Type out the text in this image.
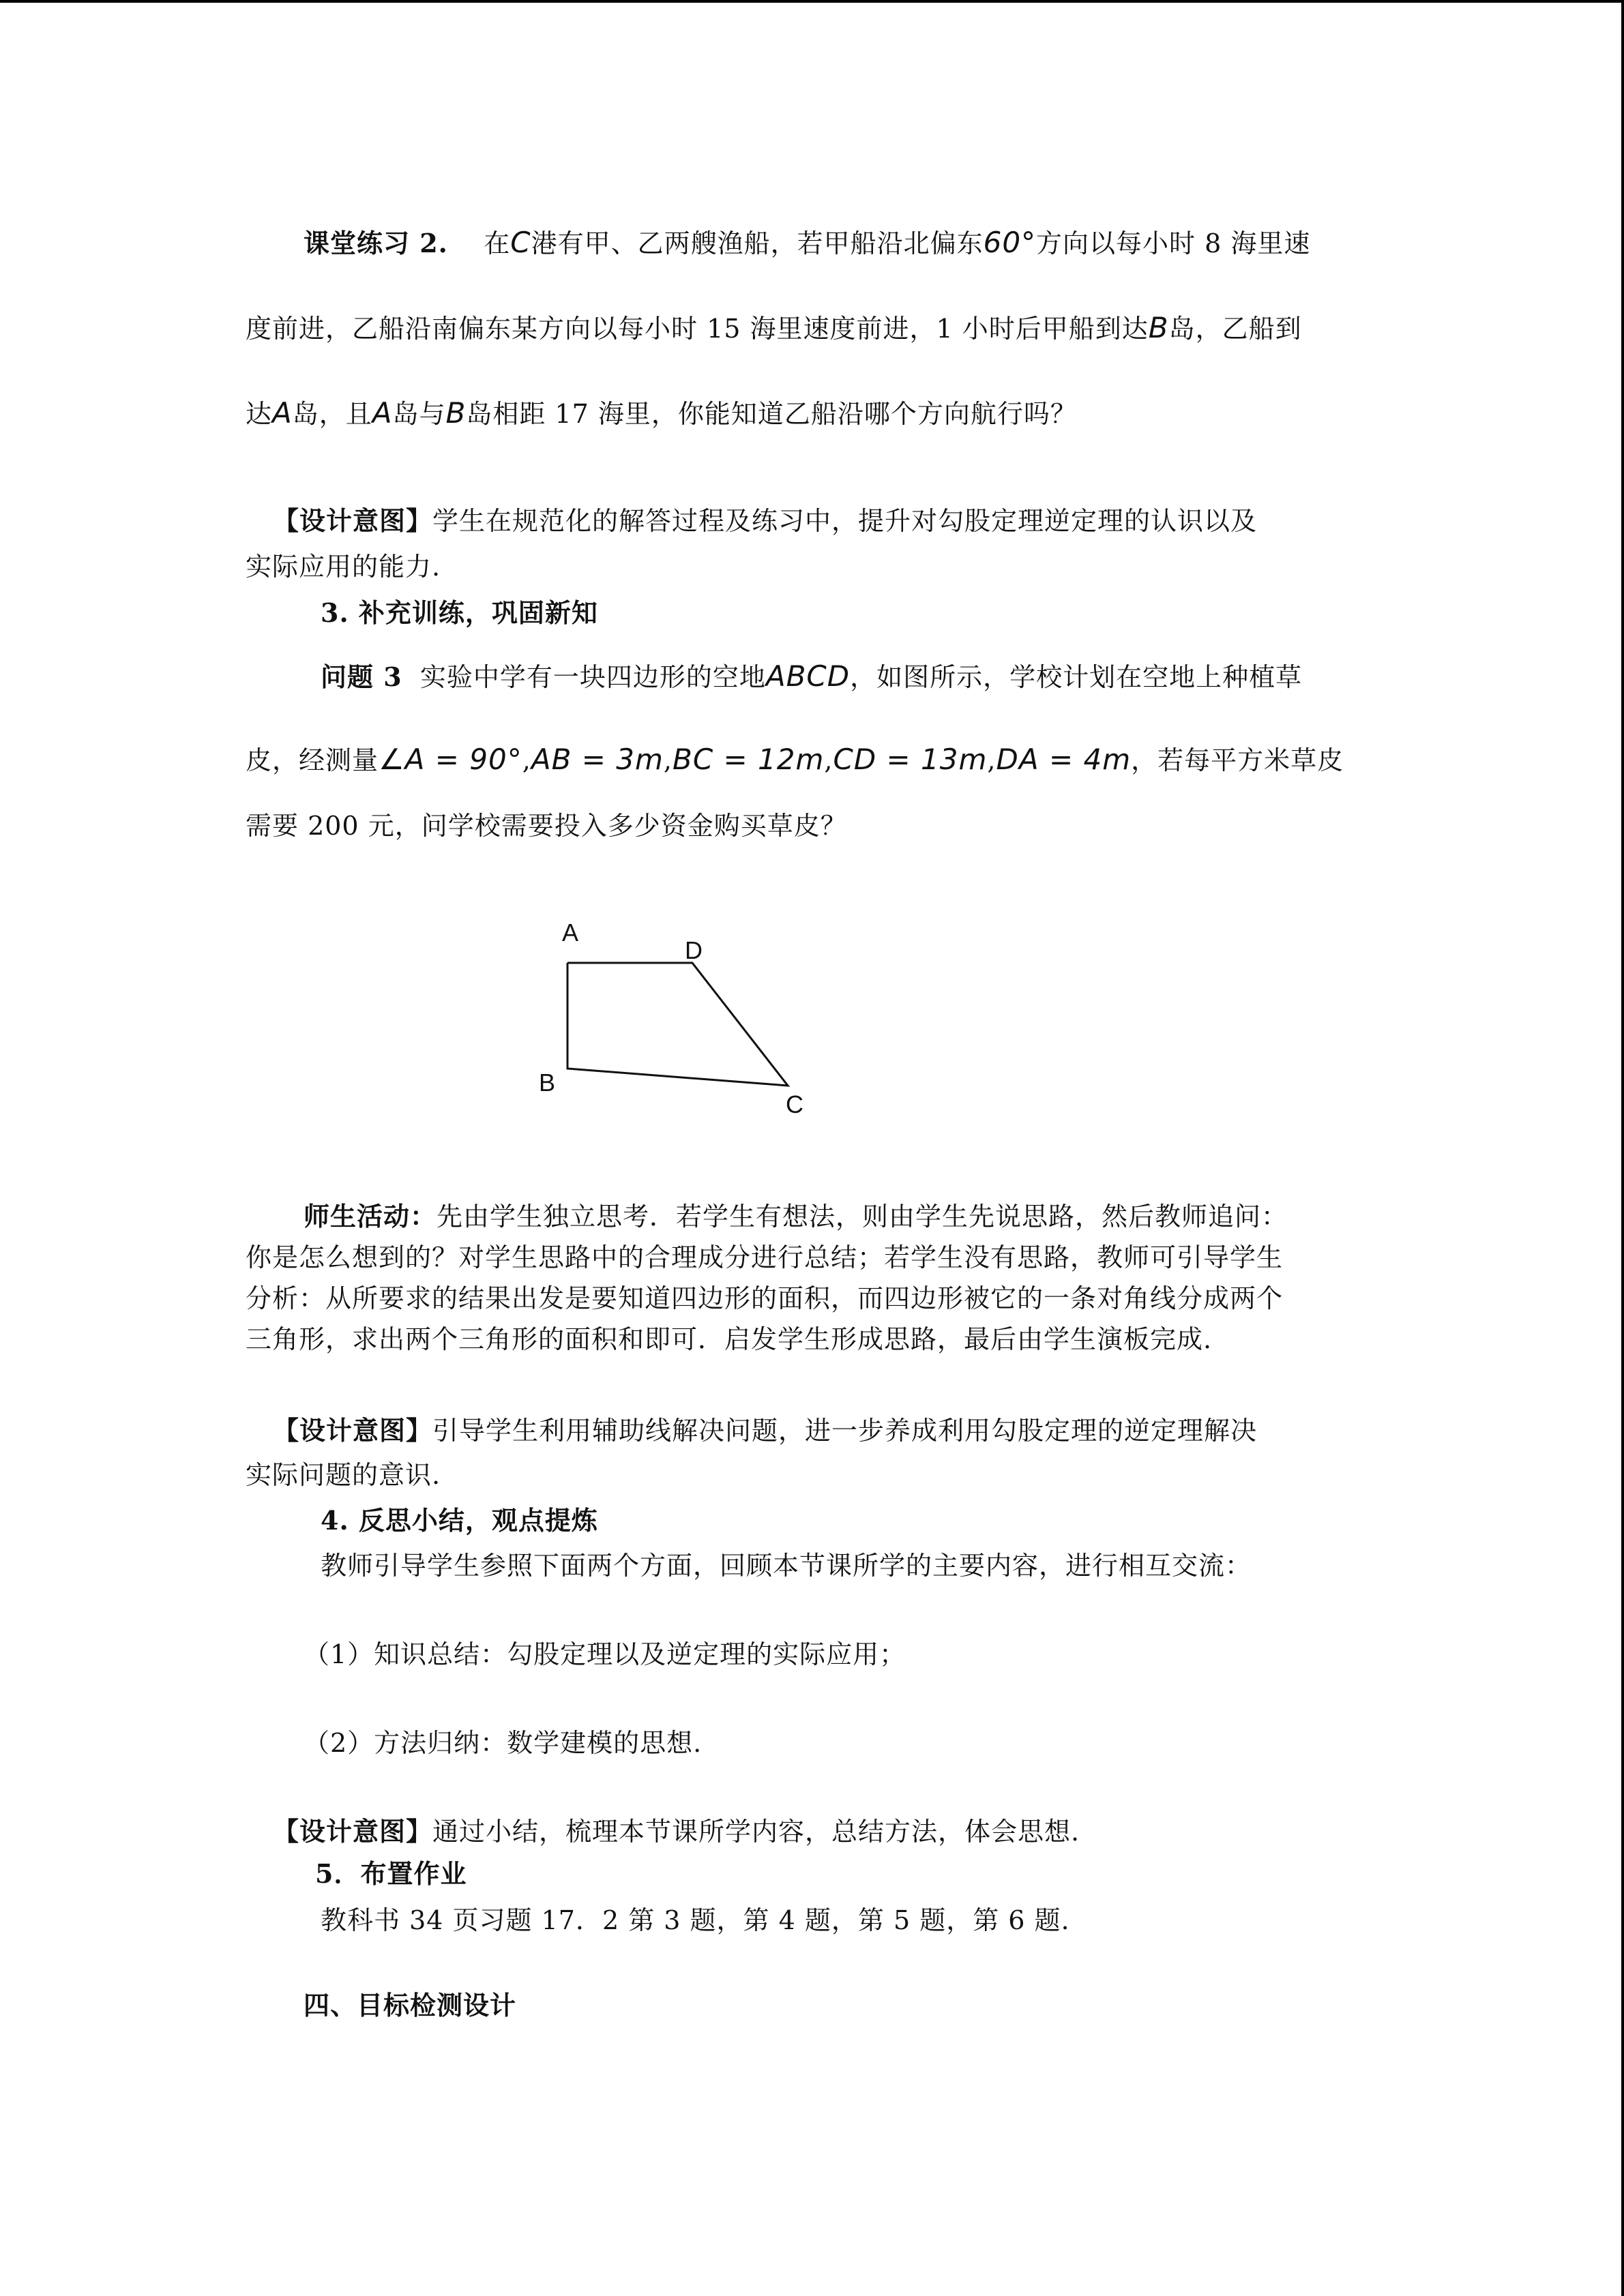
课堂练习 2. 在C港有甲、乙两艘渔船，若甲船沿北偏东60°方向以每小时 8 海里速
度前进，乙船沿南偏东某方向以每小时 15 海里速度前进，1 小时后甲船到达B岛，乙船到
达A岛，且A岛与B岛相距 17 海里，你能知道乙船沿哪个方向航行吗？
【设计意图】学生在规范化的解答过程及练习中，提升对勾股定理逆定理的认识以及
实际应用的能力.
3. 补充训练，巩固新知
问题 3 实验中学有一块四边形的空地ABCD，如图所示，学校计划在空地上种植草
皮，经测量∠A = 90°,AB = 3m,BC = 12m,CD = 13m,DA = 4m，若每平方米草皮
需要 200 元，问学校需要投入多少资金购买草皮？
A
D
B
C
师生活动：先由学生独立思考．若学生有想法，则由学生先说思路，然后教师追问：
你是怎么想到的？对学生思路中的合理成分进行总结；若学生没有思路，教师可引导学生
分析：从所要求的结果出发是要知道四边形的面积，而四边形被它的一条对角线分成两个
三角形，求出两个三角形的面积和即可．启发学生形成思路，最后由学生演板完成.
【设计意图】引导学生利用辅助线解决问题，进一步养成利用勾股定理的逆定理解决
实际问题的意识.
4. 反思小结，观点提炼
教师引导学生参照下面两个方面，回顾本节课所学的主要内容，进行相互交流：
（1）知识总结：勾股定理以及逆定理的实际应用；
（2）方法归纳：数学建模的思想.
【设计意图】通过小结，梳理本节课所学内容，总结方法，体会思想.
5．布置作业
教科书 34 页习题 17．2 第 3 题，第 4 题，第 5 题，第 6 题.
四、目标检测设计
